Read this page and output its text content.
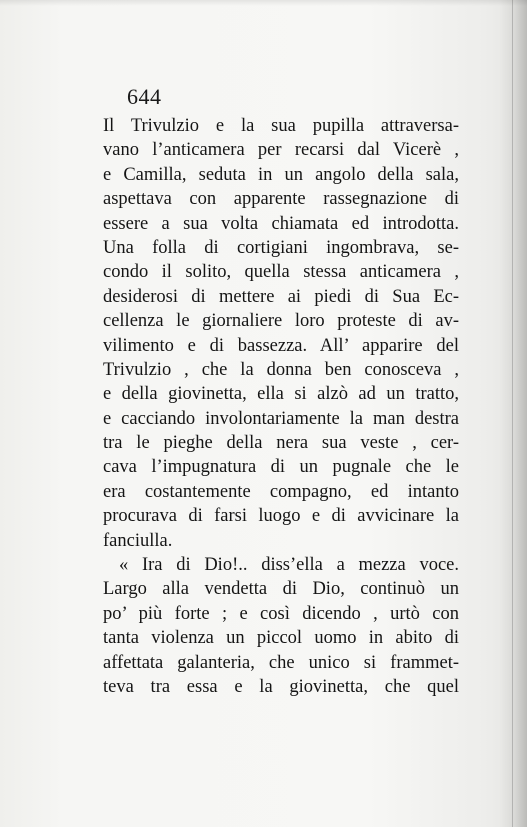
644
Il Trivulzio e la sua pupilla attraversa-
vano l’anticamera per recarsi dal Vicerè ,
e Camilla, seduta in un angolo della sala,
aspettava con apparente rassegnazione di
essere a sua volta chiamata ed introdotta.
Una folla di cortigiani ingombrava, se-
condo il solito, quella stessa anticamera ,
desiderosi di mettere ai piedi di Sua Ec-
cellenza le giornaliere loro proteste di av-
vilimento e di bassezza. All’ apparire del
Trivulzio , che la donna ben conosceva ,
e della giovinetta, ella si alzò ad un tratto,
e cacciando involontariamente la man destra
tra le pieghe della nera sua veste , cer-
cava l’impugnatura di un pugnale che le
era costantemente compagno, ed intanto
procurava di farsi luogo e di avvicinare la
fanciulla.
« Ira di Dio!.. diss’ella a mezza voce.
Largo alla vendetta di Dio, continuò un
po’ più forte ; e così dicendo , urtò con
tanta violenza un piccol uomo in abito di
affettata galanteria, che unico si frammet-
teva tra essa e la giovinetta, che quel
